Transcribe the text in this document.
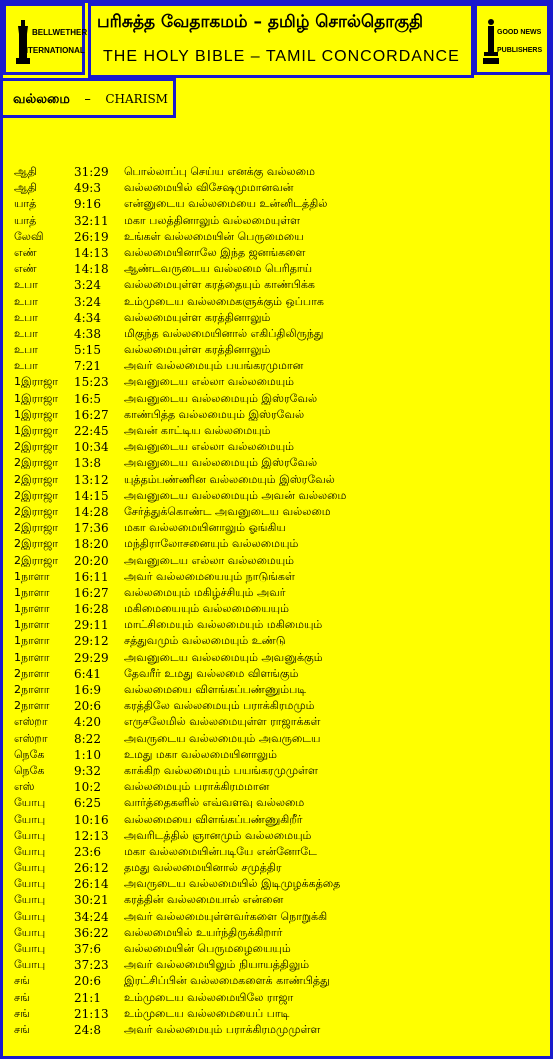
BELLWETHER
INTERNATIONAL
பரிசுத்த வேதாகமம் – தமிழ் சொல்தொகுதி
THE HOLY BIBLE – TAMIL CONCORDANCE
GOOD NEWS
PUBLISHERS
வல்லமை – CHARISM
ஆதி	31:29 பொல்லாப்பு செய்ய எனக்கு வல்லமை
ஆதி	49:3 வல்லமையில் விசேஷமுமானவன்
யாத்	9:16 என்னுடைய வல்லமையை உன்னிடத்தில்
யாத்	32:11 மகா பலத்தினாலும் வல்லமையுள்ள
லேவி	26:19 உங்கள் வல்லமையின் பெருமையை
எண்	14:13 வல்லமையினாலே இந்த ஜனங்களை
எண்	14:18 ஆண்டவருடைய வல்லமை பெரிதாய்
உபா	3:24 வல்லமையுள்ள கரத்தையும் காண்பிக்க
உபா	3:24 உம்முடைய வல்லமைகளுக்கும் ஒப்பாக
உபா	4:34 வல்லமையுள்ள கரத்தினாலும்
உபா	4:38 மிகுந்த வல்லமையினால் எகிப்திலிருந்து
உபா	5:15 வல்லமையுள்ள கரத்தினாலும்
உபா	7:21 அவர் வல்லமையும் பயங்கரமுமான
1இராஜா 15:23 அவனுடைய எல்லா வல்லமையும்
1இராஜா 16:5 அவனுடைய வல்லமையும் இஸ்ரவேல்
1இராஜா 16:27 காண்பித்த வல்லமையும் இஸ்ரவேல்
1இராஜா 22:45 அவன் காட்டிய வல்லமையும்
2இராஜா 10:34 அவனுடைய எல்லா வல்லமையும்
2இராஜா 13:8 அவனுடைய வல்லமையும் இஸ்ரவேல்
2இராஜா 13:12 யுத்தம்பண்ணின வல்லமையும் இஸ்ரவேல்
2இராஜா 14:15 அவனுடைய வல்லமையும் அவன் வல்லமை
2இராஜா 14:28 சேர்த்துக்கொண்ட அவனுடைய வல்லமை
2இராஜா 17:36 மகா வல்லமையினாலும் ஓங்கிய
2இராஜா 18:20 மந்திராலோசனையும் வல்லமையும்
2இராஜா 20:20 அவனுடைய எல்லா வல்லமையும்
1நாளா 16:11 அவர் வல்லமையையும் நாடுங்கள்
1நாளா 16:27 வல்லமையும் மகிழ்ச்சியும் அவர்
1நாளா 16:28 மகிமையையும் வல்லமையையும்
1நாளா 29:11 மாட்சிமையும் வல்லமையும் மகிமையும்
1நாளா 29:12 சத்துவமும் வல்லமையும் உண்டு
1நாளா 29:29 அவனுடைய வல்லமையும் அவனுக்கும்
2நாளா 6:41 தேவரீர் உமது வல்லமை விளங்கும்
2நாளா 16:9 வல்லமையை விளங்கப்பண்ணும்படி
2நாளா 20:6 கரத்திலே வல்லமையும் பராக்கிரமமும்
எஸ்றா 4:20 எருசலேமில் வல்லமையுள்ள ராஜாக்கள்
எஸ்றா 8:22 அவருடைய வல்லமையும் அவருடைய
நெகே 1:10 உமது மகா வல்லமையினாலும்
நெகே 9:32 காக்கிற வல்லமையும் பயங்கரமுமுள்ள
எஸ்	10:2 வல்லமையும் பராக்கிரமமான
யோபு 6:25 வார்த்தைகளில் எவ்வளவு வல்லமை
யோபு 10:16 வல்லமையை விளங்கப்பண்ணுகிறீர்
யோபு 12:13 அவரிடத்தில் ஞானமும் வல்லமையும்
யோபு 23:6 மகா வல்லமையின்படியே என்னோடே
யோபு 26:12 தமது வல்லமையினால் சமுத்திர
யோபு 26:14 அவருடைய வல்லமையில் இடிமுழக்கத்தை
யோபு 30:21 கரத்தின் வல்லமையால் என்னை
யோபு 34:24 அவர் வல்லமையுள்ளவர்களை நொறுக்கி
யோபு 36:22 வல்லமையில் உயர்ந்திருக்கிறார்
யோபு 37:6 வல்லமையின் பெருமழையையும்
யோபு 37:23 அவர் வல்லமையிலும் நியாயத்திலும்
சங்	20:6 இரட்சிப்பின் வல்லமைகளைக் காண்பித்து
சங்	21:1 உம்முடைய வல்லமையிலே ராஜா
சங்	21:13 உம்முடைய வல்லமையைப் பாடி
சங்	24:8 அவர் வல்லமையும் பராக்கிரமமுமுள்ள
